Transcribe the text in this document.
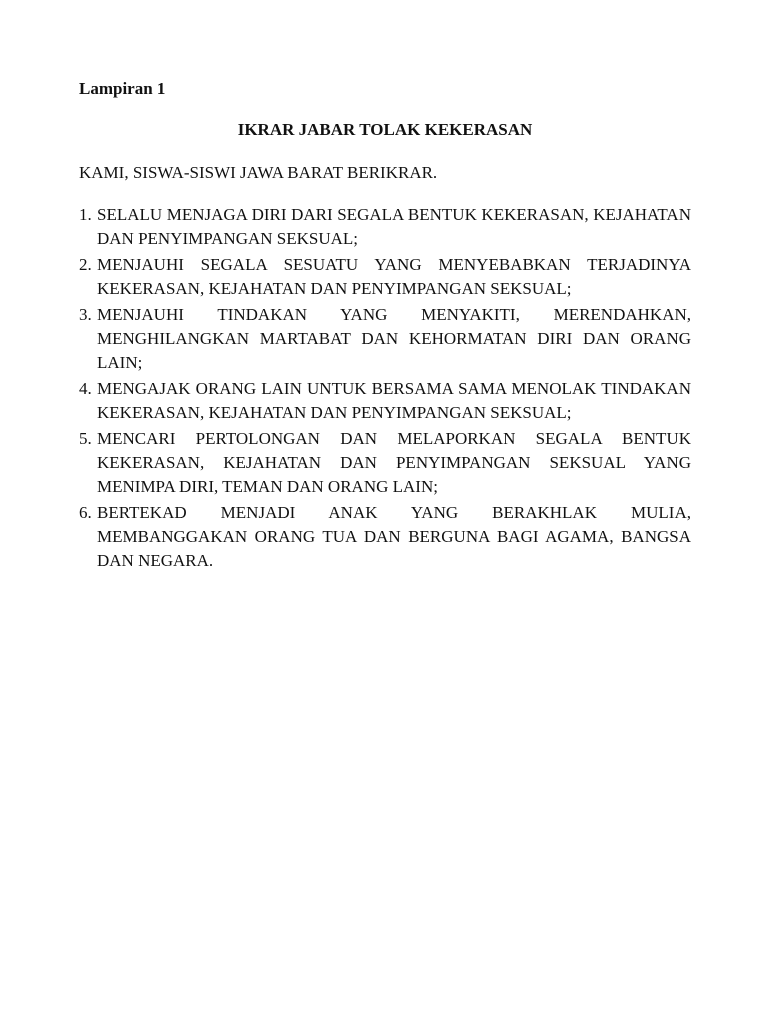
Lampiran 1
IKRAR JABAR TOLAK KEKERASAN
KAMI, SISWA-SISWI JAWA BARAT BERIKRAR.
1. SELALU MENJAGA DIRI DARI SEGALA BENTUK KEKERASAN, KEJAHATAN DAN PENYIMPANGAN SEKSUAL;
2. MENJAUHI SEGALA SESUATU YANG MENYEBABKAN TERJADINYA KEKERASAN, KEJAHATAN DAN PENYIMPANGAN SEKSUAL;
3. MENJAUHI TINDAKAN YANG MENYAKITI, MERENDAHKAN, MENGHILANGKAN MARTABAT DAN KEHORMATAN DIRI DAN ORANG LAIN;
4. MENGAJAK ORANG LAIN UNTUK BERSAMA SAMA MENOLAK TINDAKAN KEKERASAN, KEJAHATAN DAN PENYIMPANGAN SEKSUAL;
5. MENCARI PERTOLONGAN DAN MELAPORKAN SEGALA BENTUK KEKERASAN, KEJAHATAN DAN PENYIMPANGAN SEKSUAL YANG MENIMPA DIRI, TEMAN DAN ORANG LAIN;
6. BERTEKAD MENJADI ANAK YANG BERAKHLAK MULIA, MEMBANGGAKAN ORANG TUA DAN BERGUNA BAGI AGAMA, BANGSA DAN NEGARA.
